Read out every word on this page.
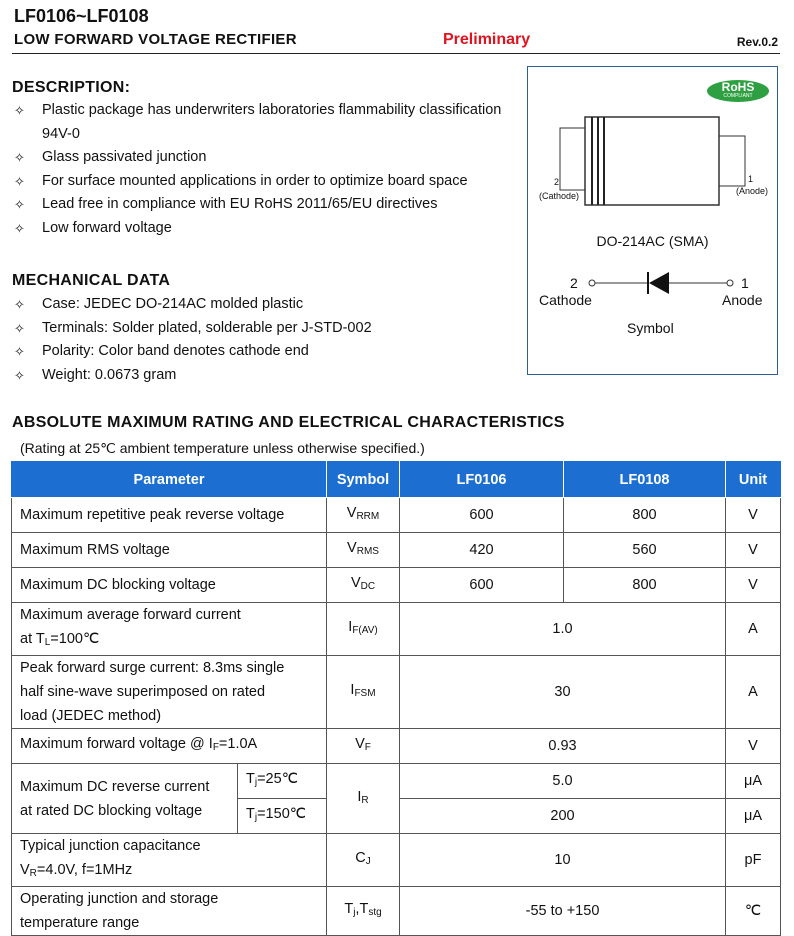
LF0106~LF0108
LOW FORWARD VOLTAGE RECTIFIER	Preliminary	Rev.0.2
DESCRIPTION:
✧	Plastic package has underwriters laboratories flammability classification 94V-0
✧	Glass passivated junction
✧	For surface mounted applications in order to optimize board space
✧	Lead free in compliance with EU RoHS 2011/65/EU directives
✧	Low forward voltage
MECHANICAL DATA
✧	Case: JEDEC DO-214AC molded plastic
✧	Terminals: Solder plated, solderable per J-STD-002
✧	Polarity: Color band denotes cathode end
✧	Weight: 0.0673 gram
RoHS
COMPLIANT
2
(Cathode)
1
(Anode)
DO-214AC (SMA)
2
Cathode
1
Anode
Symbol
ABSOLUTE MAXIMUM RATING AND ELECTRICAL CHARACTERISTICS
(Rating at 25℃ ambient temperature unless otherwise specified.)
Parameter		Symbol	LF0106	LF0108	Unit
Maximum repetitive peak reverse voltage		$V_{RRM}$	600	800	V
Maximum RMS voltage		$V_{RMS}$	420	560	V
Maximum DC blocking voltage		$V_{DC}$	600	800	V

Maximum average forward current
at $T_L=100℃$		$I_{F(AV)}$	1.0		A

Peak forward surge current: 8.3ms single
half sine-wave superimposed on rated
load (JEDEC method)		$I_{FSM}$	30		A
Maximum forward voltage @ $I_F=1.0A$		$V_F$	0.93		V

Maximum DC reverse current
at rated DC blocking voltage	$T_j=25℃$	$I_R$	5.0		μA
	$T_j=150℃$		200		μA

Typical junction capacitance
$V_R=4.0V$, f=1MHz		$C_J$	10		pF

Operating junction and storage
temperature range		$T_j,T_{stg}$	-55 to +150		℃
